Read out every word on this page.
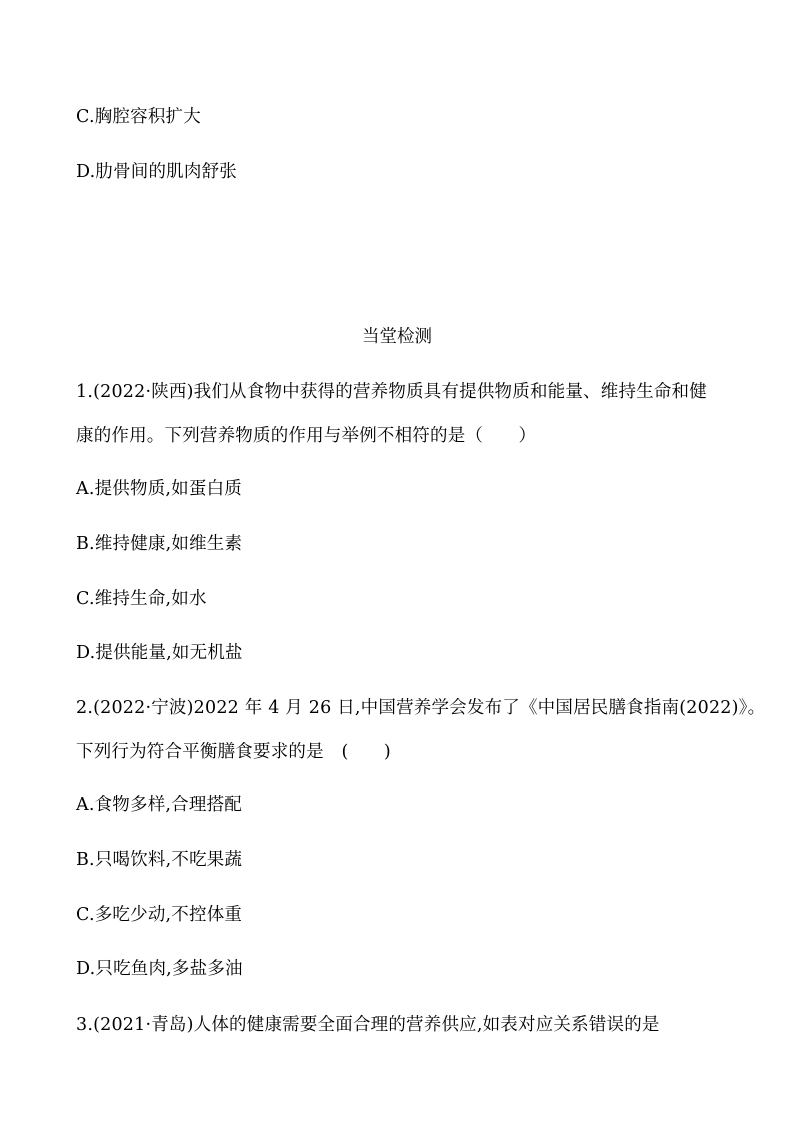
C.胸腔容积扩大
D.肋骨间的肌肉舒张
当堂检测
1.(2022·陕西)我们从食物中获得的营养物质具有提供物质和能量、维持生命和健
康的作用。下列营养物质的作用与举例不相符的是（　　）
A.提供物质,如蛋白质
B.维持健康,如维生素
C.维持生命,如水
D.提供能量,如无机盐
2.(2022·宁波)2022 年 4 月 26 日,中国营养学会发布了《中国居民膳食指南(2022)》。
下列行为符合平衡膳食要求的是　(　　)
A.食物多样,合理搭配
B.只喝饮料,不吃果蔬
C.多吃少动,不控体重
D.只吃鱼肉,多盐多油
3.(2021·青岛)人体的健康需要全面合理的营养供应,如表对应关系错误的是
